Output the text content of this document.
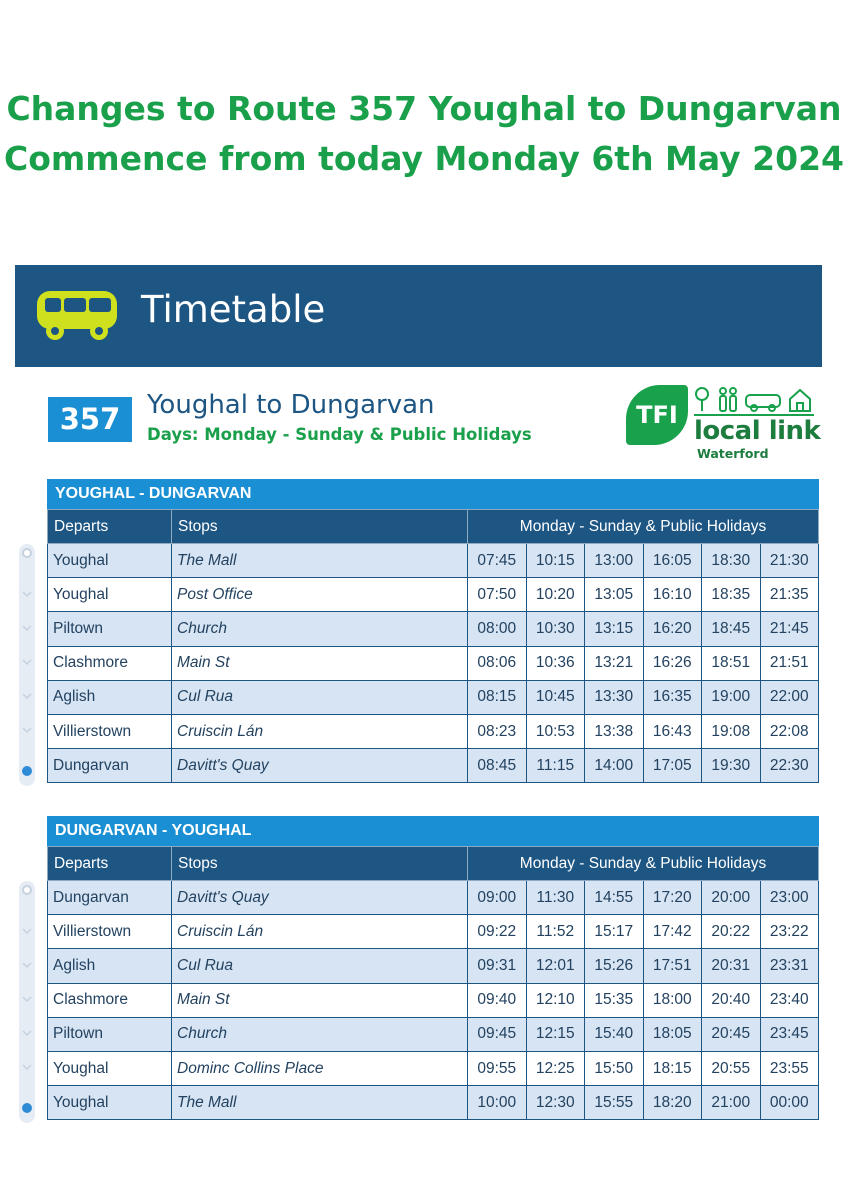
Changes to Route 357 Youghal to Dungarvan
Commence from today Monday 6th May 2024
Timetable
357	Youghal to Dungarvan
Days: Monday - Sunday & Public Holidays
TFI
local link
Waterford
YOUGHAL - DUNGARVAN
Departs	Stops	Monday - Sunday & Public Holidays					
Youghal	The Mall	07:45	10:15	13:00	16:05	18:30	21:30
Youghal	Post Office	07:50	10:20	13:05	16:10	18:35	21:35
Piltown	Church	08:00	10:30	13:15	16:20	18:45	21:45
Clashmore	Main St	08:06	10:36	13:21	16:26	18:51	21:51
Aglish	Cul Rua	08:15	10:45	13:30	16:35	19:00	22:00
Villierstown	Cruiscin Lán	08:23	10:53	13:38	16:43	19:08	22:08
Dungarvan	Davitt's Quay	08:45	11:15	14:00	17:05	19:30	22:30
DUNGARVAN - YOUGHAL
Departs	Stops	Monday - Sunday & Public Holidays					
Dungarvan	Davitt's Quay	09:00	11:30	14:55	17:20	20:00	23:00
Villierstown	Cruiscin Lán	09:22	11:52	15:17	17:42	20:22	23:22
Aglish	Cul Rua	09:31	12:01	15:26	17:51	20:31	23:31
Clashmore	Main St	09:40	12:10	15:35	18:00	20:40	23:40
Piltown	Church	09:45	12:15	15:40	18:05	20:45	23:45
Youghal	Dominc Collins Place	09:55	12:25	15:50	18:15	20:55	23:55
Youghal	The Mall	10:00	12:30	15:55	18:20	21:00	00:00
